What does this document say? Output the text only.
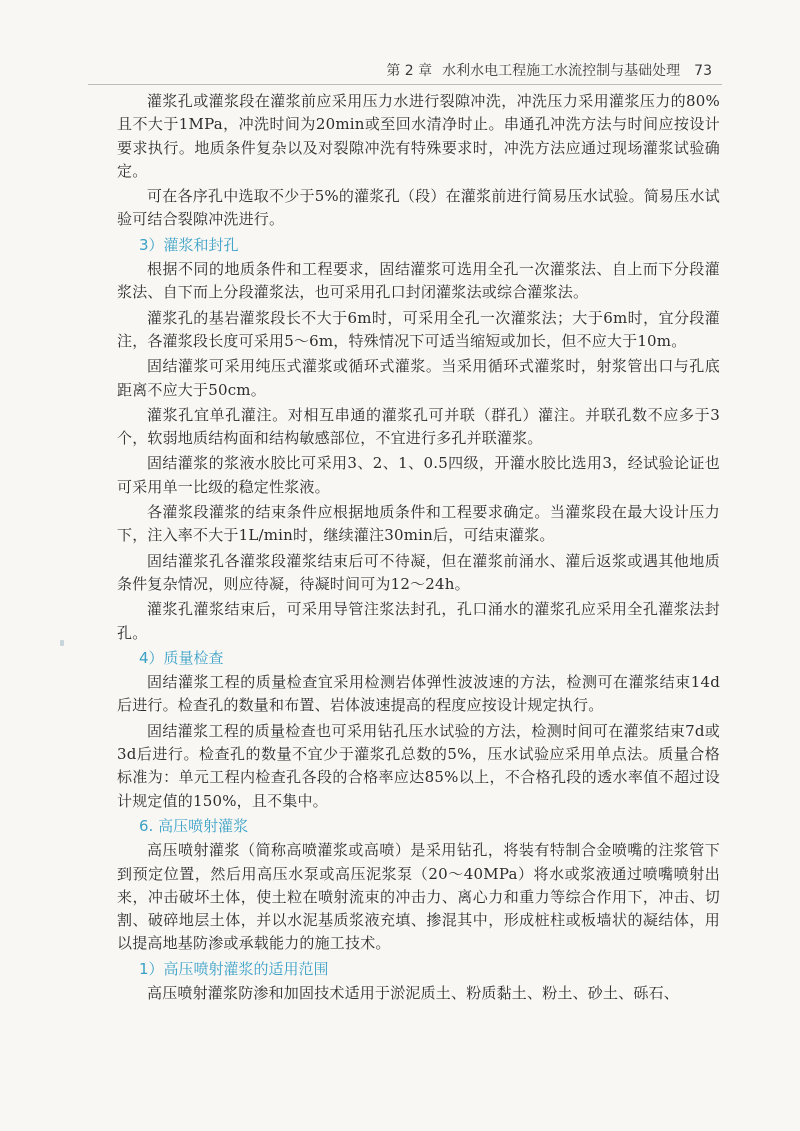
第 2 章 水利水电工程施工水流控制与基础处理 73

灌浆孔或灌浆段在灌浆前应采用压力水进行裂隙冲洗，冲洗压力采用灌浆压力的80%且不大于1MPa，冲洗时间为20min或至回水清净时止。串通孔冲洗方法与时间应按设计要求执行。地质条件复杂以及对裂隙冲洗有特殊要求时，冲洗方法应通过现场灌浆试验确定。

可在各序孔中选取不少于5%的灌浆孔（段）在灌浆前进行简易压水试验。简易压水试验可结合裂隙冲洗进行。

3）灌浆和封孔

根据不同的地质条件和工程要求，固结灌浆可选用全孔一次灌浆法、自上而下分段灌浆法、自下而上分段灌浆法，也可采用孔口封闭灌浆法或综合灌浆法。

灌浆孔的基岩灌浆段长不大于6m时，可采用全孔一次灌浆法；大于6m时，宜分段灌注，各灌浆段长度可采用5～6m，特殊情况下可适当缩短或加长，但不应大于10m。

固结灌浆可采用纯压式灌浆或循环式灌浆。当采用循环式灌浆时，射浆管出口与孔底距离不应大于50cm。

灌浆孔宜单孔灌注。对相互串通的灌浆孔可并联（群孔）灌注。并联孔数不应多于3个，软弱地质结构面和结构敏感部位，不宜进行多孔并联灌浆。

固结灌浆的浆液水胶比可采用3、2、1、0.5四级，开灌水胶比选用3，经试验论证也可采用单一比级的稳定性浆液。

各灌浆段灌浆的结束条件应根据地质条件和工程要求确定。当灌浆段在最大设计压力下，注入率不大于1L/min时，继续灌注30min后，可结束灌浆。

固结灌浆孔各灌浆段灌浆结束后可不待凝，但在灌浆前涌水、灌后返浆或遇其他地质条件复杂情况，则应待凝，待凝时间可为12～24h。

灌浆孔灌浆结束后，可采用导管注浆法封孔，孔口涌水的灌浆孔应采用全孔灌浆法封孔。

4）质量检查

固结灌浆工程的质量检查宜采用检测岩体弹性波波速的方法，检测可在灌浆结束14d后进行。检查孔的数量和布置、岩体波速提高的程度应按设计规定执行。

固结灌浆工程的质量检查也可采用钻孔压水试验的方法，检测时间可在灌浆结束7d或3d后进行。检查孔的数量不宜少于灌浆孔总数的5%，压水试验应采用单点法。质量合格标准为：单元工程内检查孔各段的合格率应达85%以上，不合格孔段的透水率值不超过设计规定值的150%，且不集中。

6. 高压喷射灌浆

高压喷射灌浆（简称高喷灌浆或高喷）是采用钻孔，将装有特制合金喷嘴的注浆管下到预定位置，然后用高压水泵或高压泥浆泵（20～40MPa）将水或浆液通过喷嘴喷射出来，冲击破坏土体，使土粒在喷射流束的冲击力、离心力和重力等综合作用下，冲击、切割、破碎地层土体，并以水泥基质浆液充填、掺混其中，形成桩柱或板墙状的凝结体，用以提高地基防渗或承载能力的施工技术。

1）高压喷射灌浆的适用范围

高压喷射灌浆防渗和加固技术适用于淤泥质土、粉质黏土、粉土、砂土、砾石、
